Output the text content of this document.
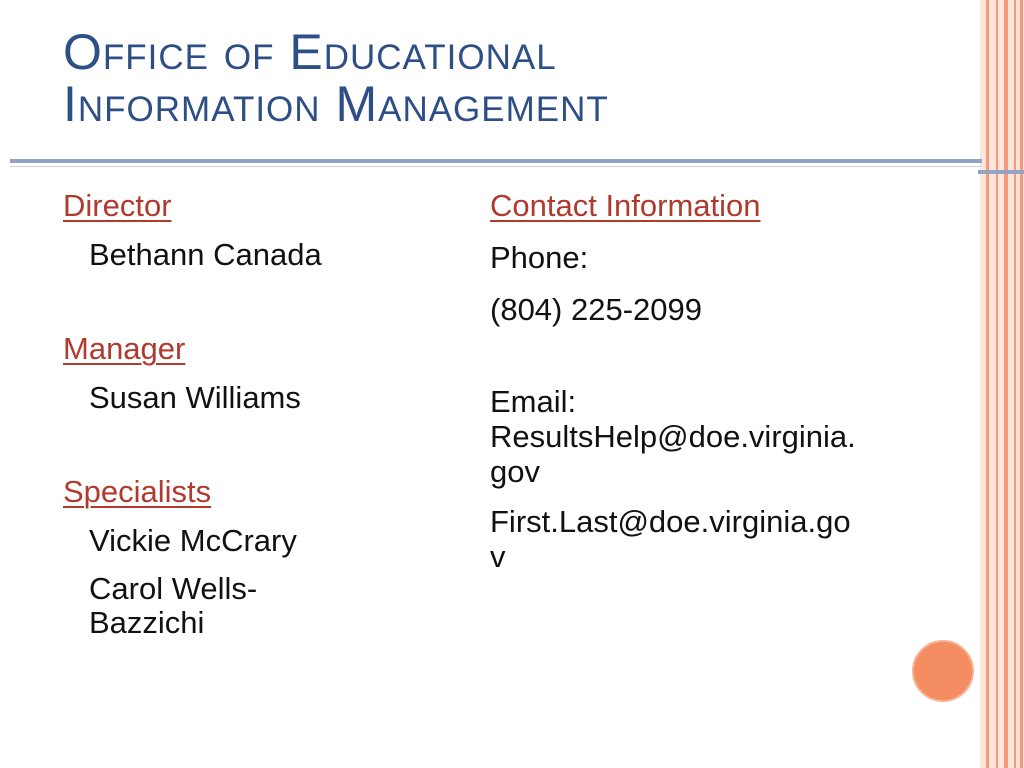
Office of Educational
Information Management
Director
Bethann Canada
Manager
Susan Williams
Specialists
Vickie McCrary
Carol Wells-
Bazzichi
Contact Information
Phone:
(804) 225-2099
Email:
ResultsHelp@doe.virginia.
gov
First.Last@doe.virginia.go
v
